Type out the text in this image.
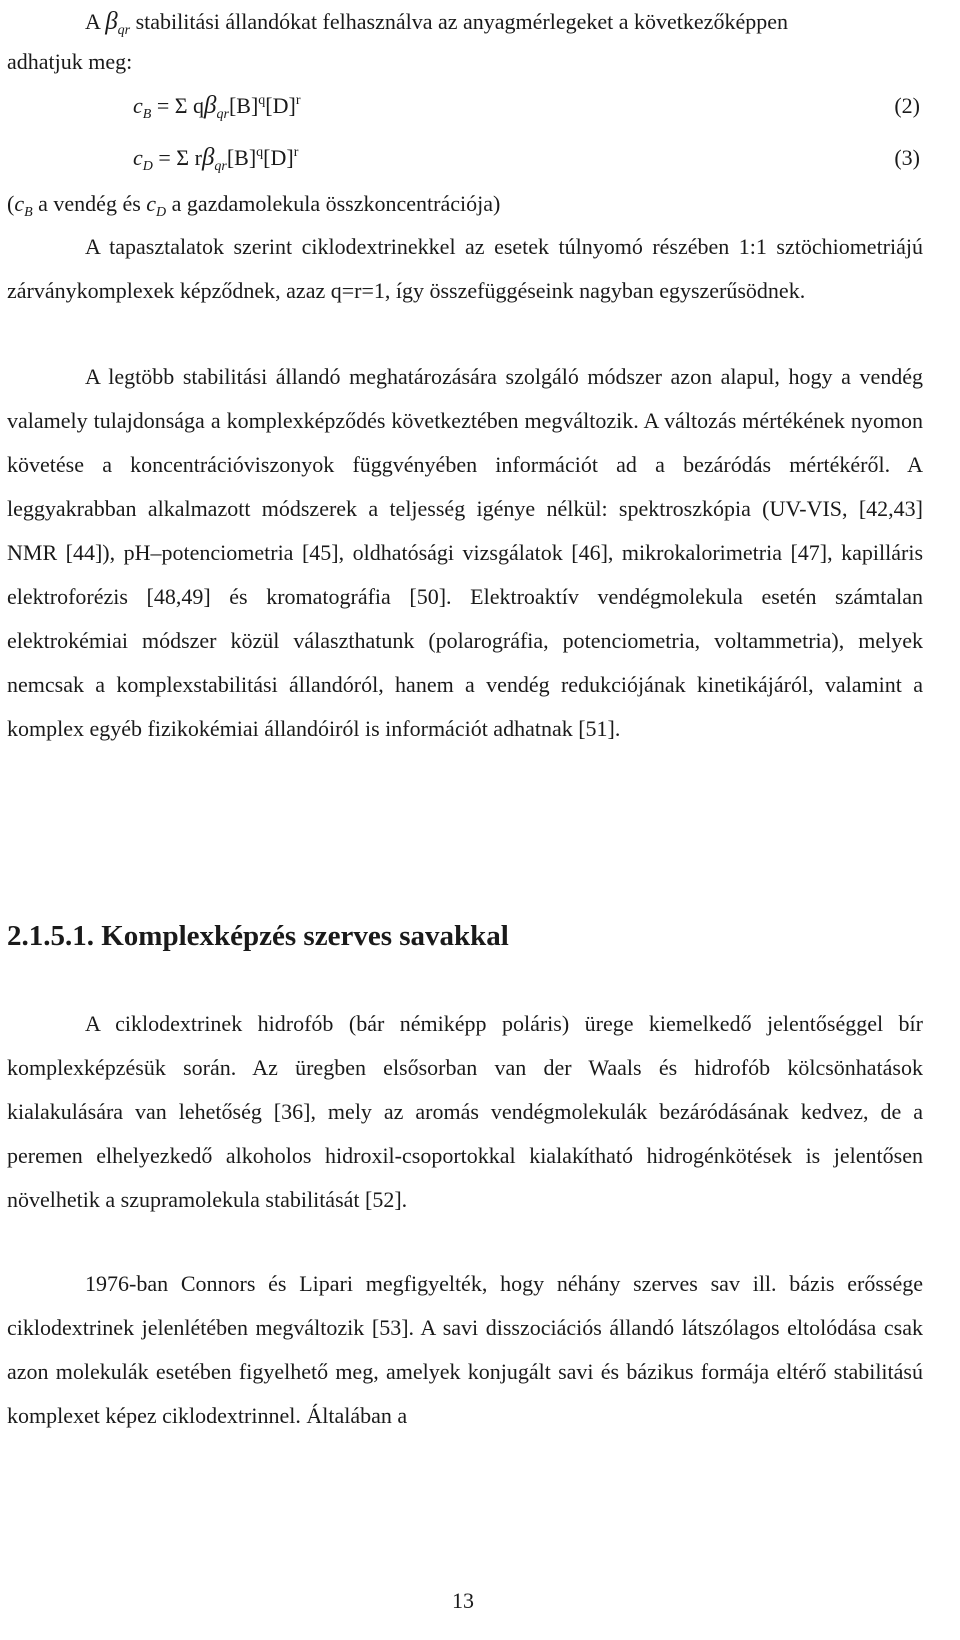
A $\beta_{qr}$ stabilitási állandókat felhasználva az anyagmérlegeket a következőképpen

adhatjuk meg:

$c_B = \Sigma$ $q\beta_{qr}[B]^q[D]^r$	(2)
$c_D = \Sigma$ $r\beta_{qr}[B]^q[D]^r$	(3)

($c_B$ a vendég és $c_D$ a gazdamolekula összkoncentrációja)

A tapasztalatok szerint ciklodextrinekkel az esetek túlnyomó részében 1:1 sztöchiometriájú zárványkomplexek képződnek, azaz q=r=1, így összefüggéseink nagyban egyszerűsödnek.

A legtöbb stabilitási állandó meghatározására szolgáló módszer azon alapul, hogy a vendég valamely tulajdonsága a komplexképződés következtében megváltozik. A változás mértékének nyomon követése a koncentrációviszonyok függvényében információt ad a bezáródás mértékéről. A leggyakrabban alkalmazott módszerek a teljesség igénye nélkül: spektroszkópia (UV-VIS, [42,43] NMR [44]), pH–potenciometria [45], oldhatósági vizsgálatok [46], mikrokalorimetria [47], kapilláris elektroforézis [48,49] és kromatográfia [50]. Elektroaktív vendégmolekula esetén számtalan elektrokémiai módszer közül választhatunk (polarográfia, potenciometria, voltammetria), melyek nemcsak a komplexstabilitási állandóról, hanem a vendég redukciójának kinetikájáról, valamint a komplex egyéb fizikokémiai állandóiról is információt adhatnak [51].

2.1.5.1. Komplexképzés szerves savakkal

A ciklodextrinek hidrofób (bár némiképp poláris) üregе kiemelkedő jelentőséggel bír komplexképzésük során. Az üregben elsősorban van der Waals és hidrofób kölcsönhatások kialakulására van lehetőség [36], mely az aromás vendégmolekulák bezáródásának kedvez, de a peremen elhelyezkedő alkoholos hidroxil-csoportokkal kialakítható hidrogénkötések is jelentősen növelhetik a szupramolekula stabilitását [52].

1976-ban Connors és Lipari megfigyelték, hogy néhány szerves sav ill. bázis erőssége ciklodextrinek jelenlétében megváltozik [53]. A savi disszociációs állandó látszólagos eltolódása csak azon molekulák esetében figyelhető meg, amelyek konjugált savi és bázikus formája eltérő stabilitású komplexet képez ciklodextrinnel. Általában a

13
